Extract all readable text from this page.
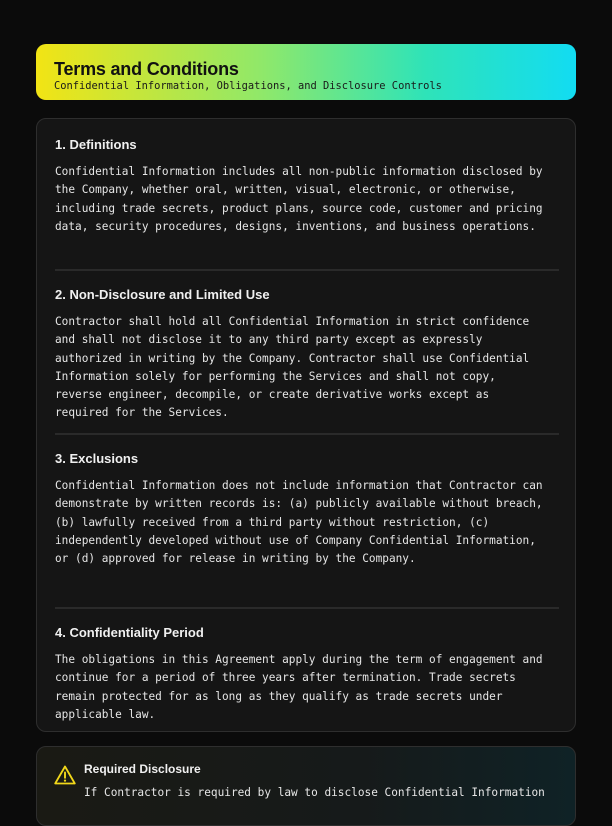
Terms and Conditions
Confidential Information, Obligations, and Disclosure Controls
1. Definitions
Confidential Information includes all non-public information disclosed by
the Company, whether oral, written, visual, electronic, or otherwise,
including trade secrets, product plans, source code, customer and pricing
data, security procedures, designs, inventions, and business operations.
2. Non-Disclosure and Limited Use
Contractor shall hold all Confidential Information in strict confidence
and shall not disclose it to any third party except as expressly
authorized in writing by the Company. Contractor shall use Confidential
Information solely for performing the Services and shall not copy,
reverse engineer, decompile, or create derivative works except as
required for the Services.
3. Exclusions
Confidential Information does not include information that Contractor can
demonstrate by written records is: (a) publicly available without breach,
(b) lawfully received from a third party without restriction, (c)
independently developed without use of Company Confidential Information,
or (d) approved for release in writing by the Company.
4. Confidentiality Period
The obligations in this Agreement apply during the term of engagement and
continue for a period of three years after termination. Trade secrets
remain protected for as long as they qualify as trade secrets under
applicable law.
Required Disclosure
If Contractor is required by law to disclose Confidential Information
